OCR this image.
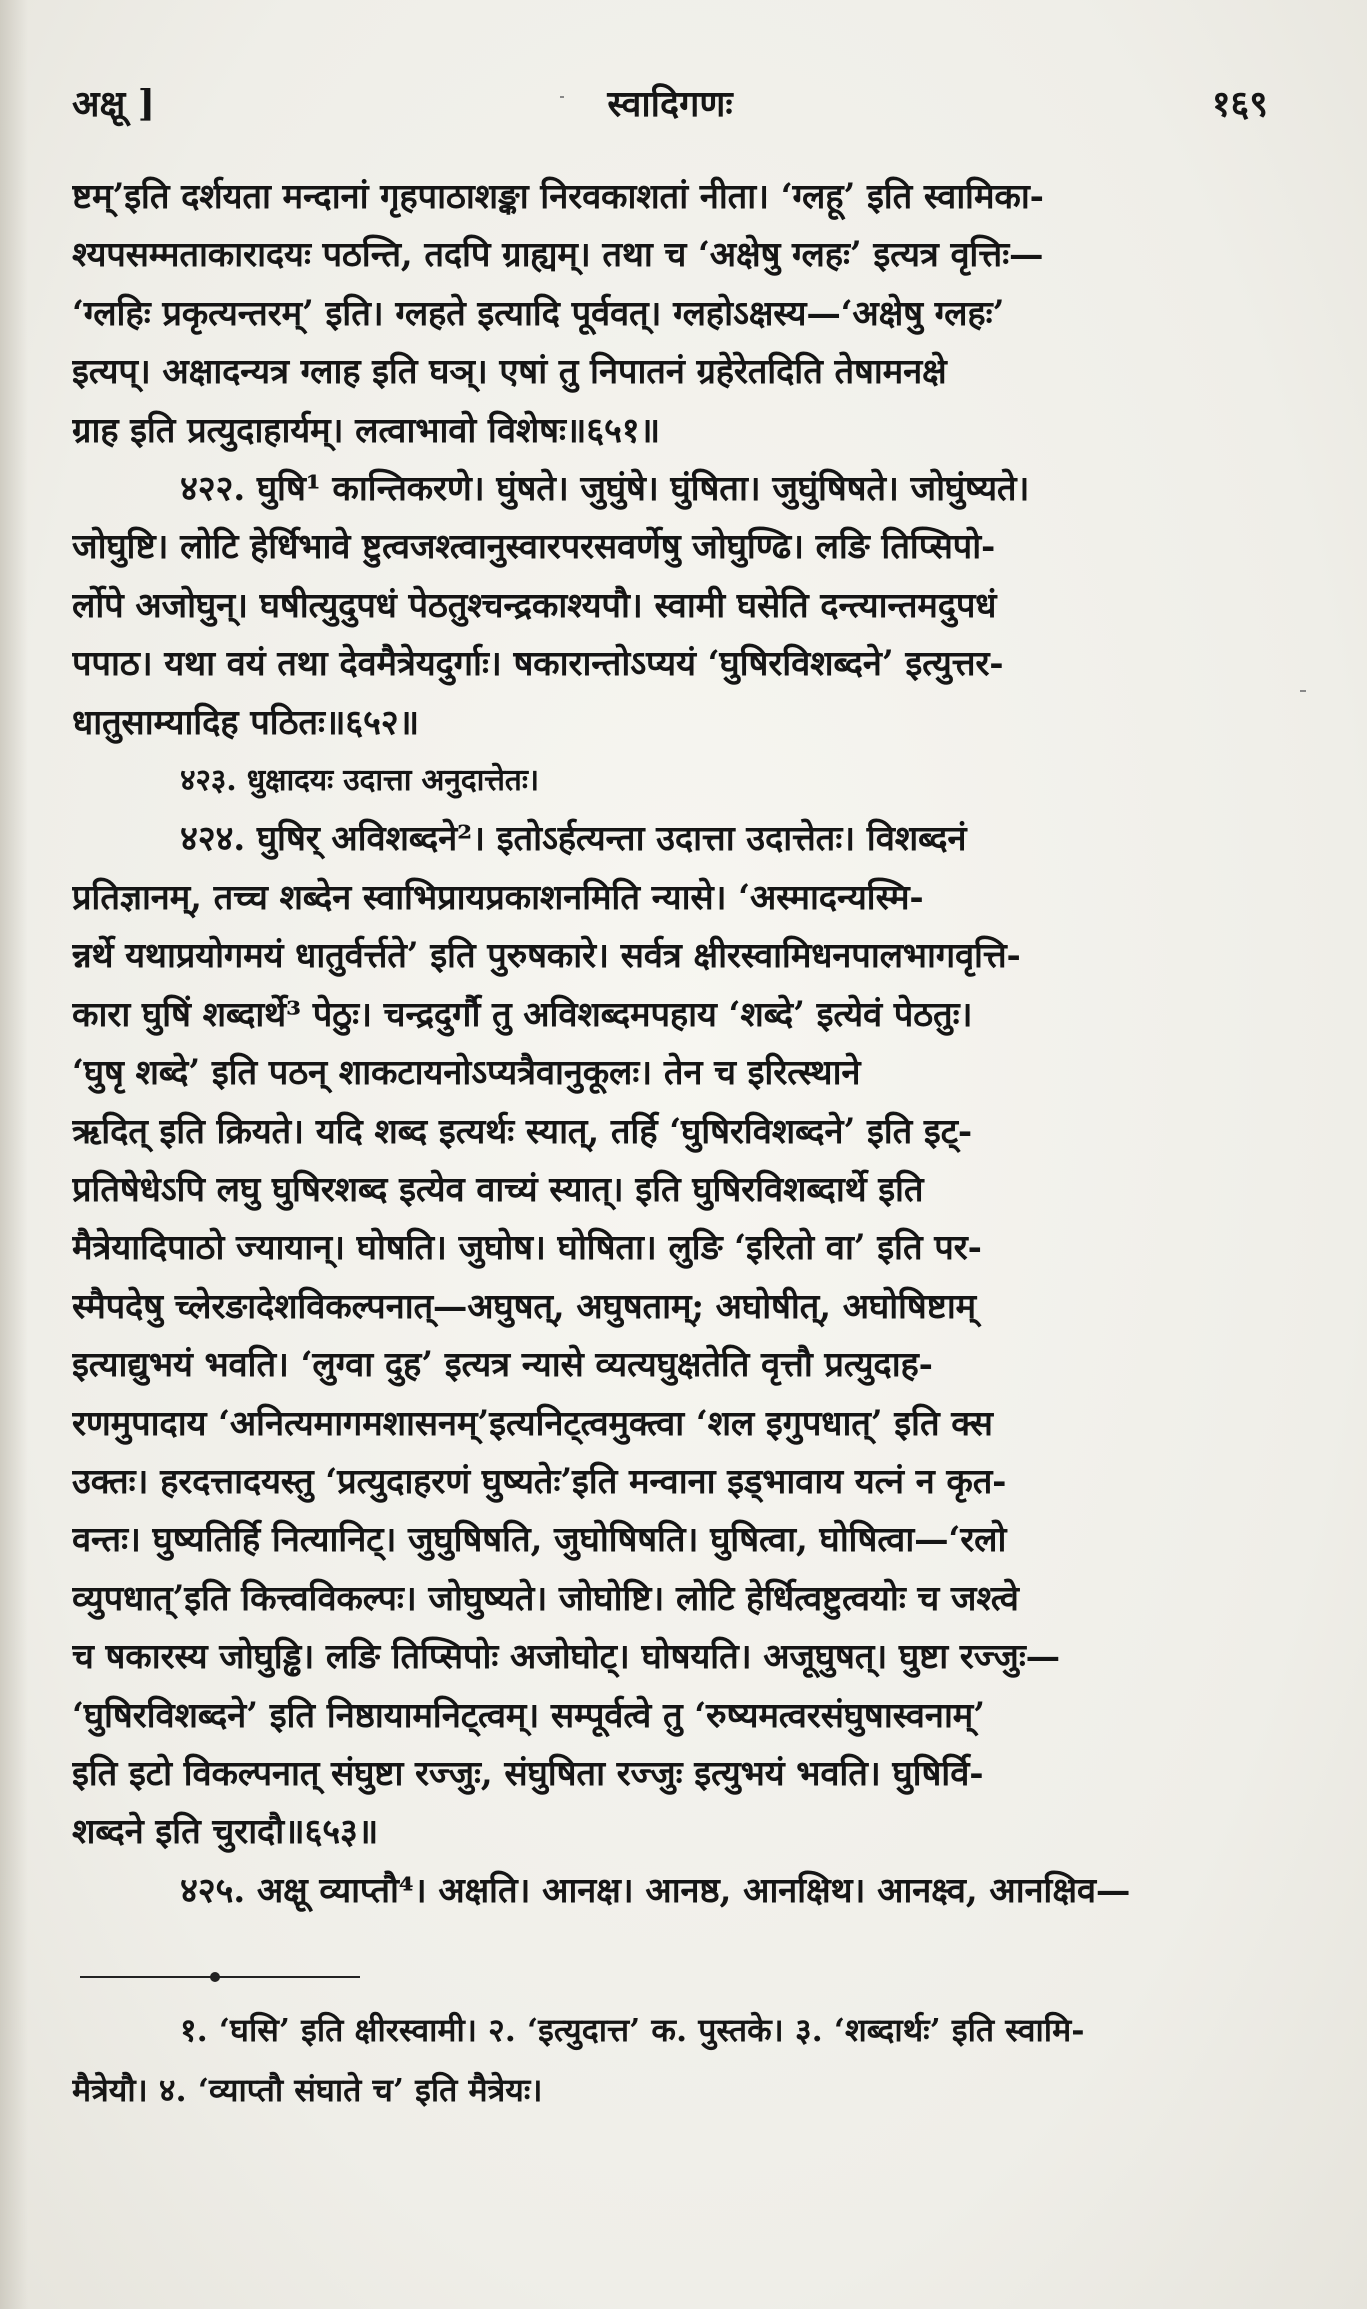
स्वादिगणः
अक्षू ]	१६९

ष्टम्’इति दर्शयता मन्दानां गृहपाठाशङ्का निरवकाशतां नीता। ‘ग्लहू’ इति स्वामिका-
श्यपसम्मताकारादयः पठन्ति, तदपि ग्राह्यम्। तथा च ‘अक्षेषु ग्लहः’ इत्यत्र वृत्तिः—
‘ग्लहिः प्रकृत्यन्तरम्’ इति। ग्लहते इत्यादि पूर्ववत्। ग्लहोऽक्षस्य—‘अक्षेषु ग्लहः’
इत्यप्। अक्षादन्यत्र ग्लाह इति घञ्। एषां तु निपातनं ग्रहेरेतदिति तेषामनक्षे
ग्राह इति प्रत्युदाहार्यम्। लत्वाभावो विशेषः॥६५१॥

४२२. घुषि¹ कान्तिकरणे। घुंषते। जुघुंषे। घुंषिता। जुघुंषिषते। जोघुंष्यते।
जोघुष्टि। लोटि हेर्धिभावे ष्टुत्वजश्त्वानुस्वारपरसवर्णेषु जोघुण्ढि। लङि तिप्सिपो-
र्लोपे अजोघुन्। घषीत्युदुपधं पेठतुश्चन्द्रकाश्यपौ। स्वामी घसेति दन्त्यान्तमदुपधं
पपाठ। यथा वयं तथा देवमैत्रेयदुर्गाः। षकारान्तोऽप्ययं ‘घुषिरविशब्दने’ इत्युत्तर-
धातुसाम्यादिह पठितः॥६५२॥

४२३. धुक्षादयः उदात्ता अनुदात्तेतः।

४२४. घुषिर् अविशब्दने²। इतोऽर्हत्यन्ता उदात्ता उदात्तेतः। विशब्दनं
प्रतिज्ञानम्, तच्च शब्देन स्वाभिप्रायप्रकाशनमिति न्यासे। ‘अस्मादन्यस्मि-
न्नर्थे यथाप्रयोगमयं धातुर्वर्त्तते’ इति पुरुषकारे। सर्वत्र क्षीरस्वामिधनपालभागवृत्ति-
कारा घुषिं शब्दार्थे³ पेठुः। चन्द्रदुर्गौ तु अविशब्दमपहाय ‘शब्दे’ इत्येवं पेठतुः।
‘घुषृ शब्दे’ इति पठन् शाकटायनोऽप्यत्रैवानुकूलः। तेन च इरित्स्थाने
ऋदित् इति क्रियते। यदि शब्द इत्यर्थः स्यात्, तर्हि ‘घुषिरविशब्दने’ इति इट्-
प्रतिषेधेऽपि लघु घुषिरशब्द इत्येव वाच्यं स्यात्। इति घुषिरविशब्दार्थे इति
मैत्रेयादिपाठो ज्यायान्। घोषति। जुघोष। घोषिता। लुङि ‘इरितो वा’ इति पर-
स्मैपदेषु च्लेरङादेशविकल्पनात्—अघुषत्, अघुषताम्; अघोषीत्, अघोषिष्टाम्
इत्याद्युभयं भवति। ‘लुग्वा दुह’ इत्यत्र न्यासे व्यत्यघुक्षतेति वृत्तौ प्रत्युदाह-
रणमुपादाय ‘अनित्यमागमशासनम्’इत्यनिट्त्वमुक्त्वा ‘शल इगुपधात्’ इति क्स
उक्तः। हरदत्तादयस्तु ‘प्रत्युदाहरणं घुष्यतेः’इति मन्वाना इड्भावाय यत्नं न कृत-
वन्तः। घुष्यतिर्हि नित्यानिट्। जुघुषिषति, जुघोषिषति। घुषित्वा, घोषित्वा—‘रलो
व्युपधात्’इति कित्त्वविकल्पः। जोघुष्यते। जोघोष्टि। लोटि हेर्धित्वष्टुत्वयोः च जश्त्वे
च षकारस्य जोघुड्ढि। लङि तिप्सिपोः अजोघोट्। घोषयति। अजूघुषत्। घुष्टा रज्जुः—
‘घुषिरविशब्दने’ इति निष्ठायामनिट्त्वम्। सम्पूर्वत्वे तु ‘रुष्यमत्वरसंघुषास्वनाम्’
इति इटो विकल्पनात् संघुष्टा रज्जुः, संघुषिता रज्जुः इत्युभयं भवति। घुषिर्वि-
शब्दने इति चुरादौ॥६५३॥

४२५. अक्षू व्याप्तौ⁴। अक्षति। आनक्ष। आनष्ठ, आनक्षिथ। आनक्ष्व, आनक्षिव—

१. ‘घसि’ इति क्षीरस्वामी। २. ‘इत्युदात्त’ क. पुस्तके। ३. ‘शब्दार्थः’ इति स्वामि-
मैत्रेयौ। ४. ‘व्याप्तौ संघाते च’ इति मैत्रेयः।
